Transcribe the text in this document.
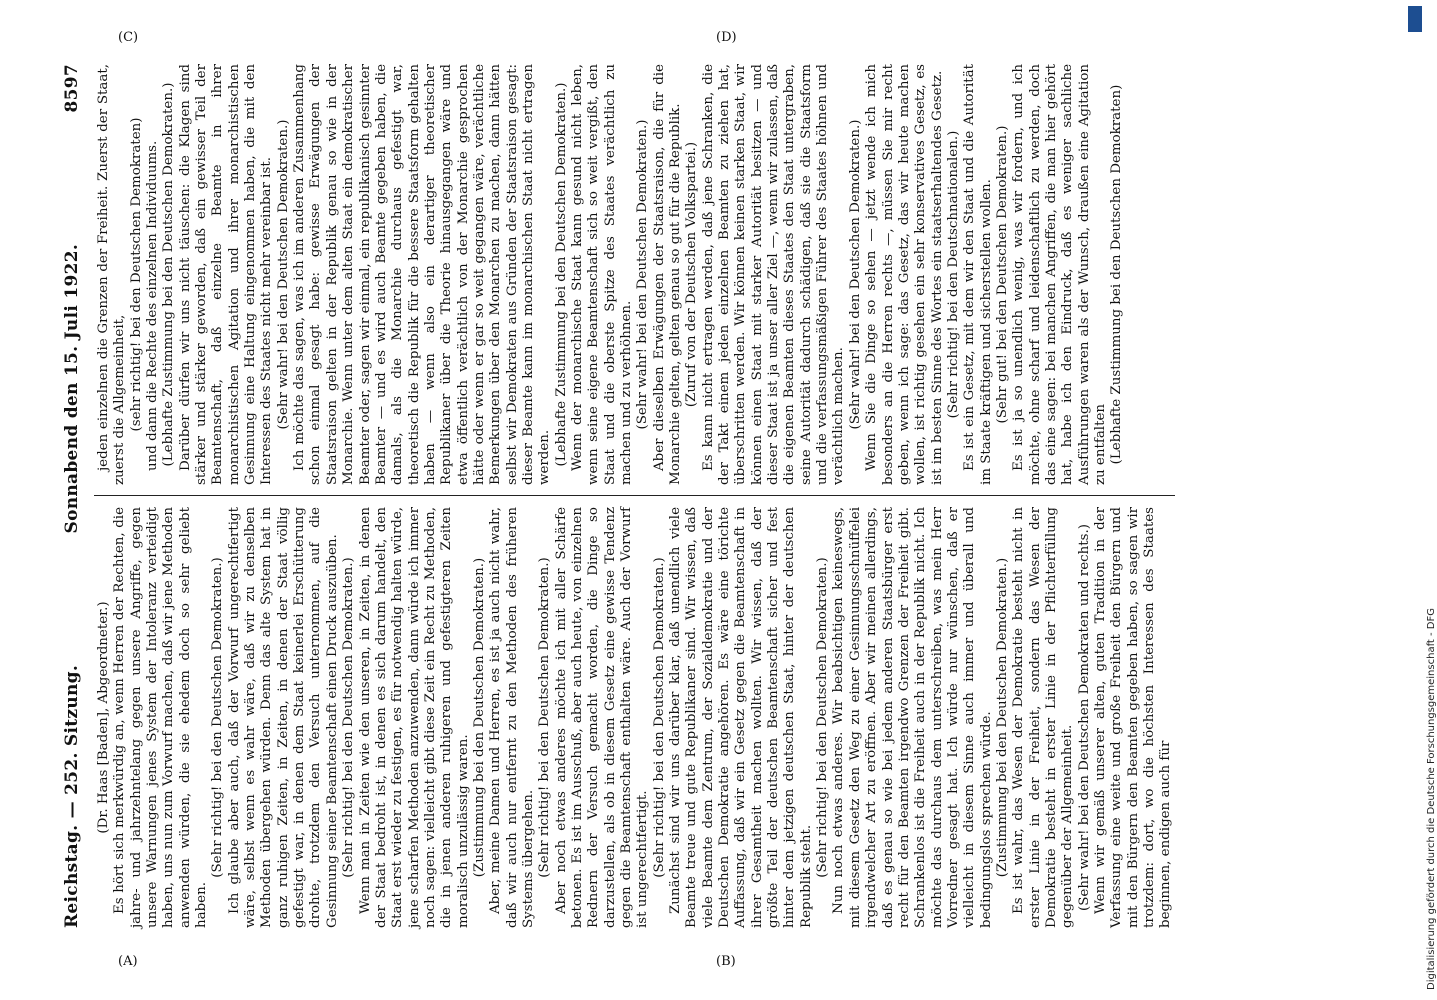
Reichstag. — 252. Sitzung.
Sonnabend den 15. Juli 1922.
8597

(Dr. Haas [Baden], Abgeordneter.) Es hört sich merkwürdig an, wenn Herren der Rechten, die jahre- und jahrzehntelang gegen unsere Angriffe, gegen unsere Warnungen jenes System der Intoleranz verteidigt haben, uns nun zum Vorwurf machen, daß wir jene Methoden anwenden würden, die sie ehedem doch so sehr geliebt haben.

(Sehr richtig! bei den Deutschen Demokraten.) Ich glaube aber auch, daß der Vorwurf ungerechtfertigt wäre, selbst wenn es wahr wäre, daß wir zu denselben Methoden übergehen würden. Denn das alte System hat in ganz ruhigen Zeiten, in Zeiten, in denen der Staat völlig gefestigt war, in denen dem Staat keinerlei Erschütterung drohte, trotzdem den Versuch unternommen, auf die Gesinnung seiner Beamtenschaft einen Druck auszuüben. (Sehr richtig! bei den Deutschen Demokraten.) Wenn man in Zeiten wie den unseren, in Zeiten, in denen der Staat bedroht ist, in denen es sich darum handelt, den Staat erst wieder zu festigen, es für notwendig halten würde, jene scharfen Methoden anzuwenden, dann würde ich immer noch sagen: vielleicht gibt diese Zeit ein Recht zu Methoden, die in jenen anderen ruhigeren und gefestigteren Zeiten moralisch unzulässig waren. (Zustimmung bei den Deutschen Demokraten.) Aber, meine Damen und Herren, es ist ja auch nicht wahr, daß wir auch nur entfernt zu den Methoden des früheren Systems übergehen. (Sehr richtig! bei den Deutschen Demokraten.) Aber noch etwas anderes möchte ich mit aller Schärfe betonen. Es ist im Ausschuß, aber auch heute, von einzelnen Rednern der Versuch gemacht worden, die Dinge so darzustellen, als ob in diesem Gesetz eine gewisse Tendenz gegen die Beamtenschaft enthalten wäre. Auch der Vorwurf ist ungerechtfertigt. (Sehr richtig! bei den Deutschen Demokraten.) Zunächst sind wir uns darüber klar, daß unendlich viele Beamte treue und gute Republikaner sind. Wir wissen, daß viele Beamte dem Zentrum, der Sozialdemokratie und der Deutschen Demokratie angehören. Es wäre eine törichte Auffassung, daß wir ein Gesetz gegen die Beamtenschaft in ihrer Gesamtheit machen wollten. Wir wissen, daß der größte Teil der deutschen Beamtenschaft sicher und fest hinter dem jetzigen deutschen Staat, hinter der deutschen Republik steht. (Sehr richtig! bei den Deutschen Demokraten.) Nun noch etwas anderes. Wir beabsichtigen keineswegs, mit diesem Gesetz den Weg zu einer Gesinnungsschnüffelei irgendwelcher Art zu eröffnen. Aber wir meinen allerdings, daß es genau so wie bei jedem anderen Staatsbürger erst recht für den Beamten irgendwo Grenzen der Freiheit gibt. Schrankenlos ist die Freiheit auch in der Republik nicht. Ich möchte das durchaus dem unterschreiben, was mein Herr Vorredner gesagt hat. Ich würde nur wünschen, daß er vielleicht in diesem Sinne auch immer und überall und bedingungslos sprechen würde. (Zustimmung bei den Deutschen Demokraten.) Es ist wahr, das Wesen der Demokratie besteht nicht in erster Linie in der Freiheit, sondern das Wesen der Demokratie besteht in erster Linie in der Pflichterfüllung gegenüber der Allgemeinheit. (Sehr wahr! bei den Deutschen Demokraten und rechts.) Wenn wir gemäß unserer alten, guten Tradition in der Verfassung eine weite und große Freiheit den Bürgern und mit den Bürgern den Beamten gegeben haben, so sagen wir trotzdem: dort, wo die höchsten Interessen des Staates beginnen, endigen auch für

jeden einzelnen die Grenzen der Freiheit. Zuerst der Staat, zuerst die Allgemeinheit, (sehr richtig! bei den Deutschen Demokraten) und dann die Rechte des einzelnen Individuums. (Lebhafte Zustimmung bei den Deutschen Demokraten.) Darüber dürfen wir uns nicht täuschen: die Klagen sind stärker und stärker geworden, daß ein gewisser Teil der Beamtenschaft, daß einzelne Beamte in ihrer monarchistischen Agitation und ihrer monarchistischen Gesinnung eine Haltung eingenommen haben, die mit den Interessen des Staates nicht mehr vereinbar ist. (Sehr wahr! bei den Deutschen Demokraten.) Ich möchte das sagen, was ich im anderen Zusammenhang schon einmal gesagt habe: gewisse Erwägungen der Staatsraison gelten in der Republik genau so wie in der Monarchie. Wenn unter dem alten Staat ein demokratischer Beamter oder, sagen wir einmal, ein republikanisch gesinnter Beamter — und es wird auch Beamte gegeben haben, die damals, als die Monarchie durchaus gefestigt war, theoretisch die Republik für die bessere Staatsform gehalten haben — wenn also ein derartiger theoretischer Republikaner über die Theorie hinausgegangen wäre und etwa öffentlich verächtlich von der Monarchie gesprochen hätte oder wenn er gar so weit gegangen wäre, verächtliche Bemerkungen über den Monarchen zu machen, dann hätten selbst wir Demokraten aus Gründen der Staatsraison gesagt: dieser Beamte kann im monarchischen Staat nicht ertragen werden. (Lebhafte Zustimmung bei den Deutschen Demokraten.) Wenn der monarchische Staat kann gesund nicht leben, wenn seine eigene Beamtenschaft sich so weit vergißt, den Staat und die oberste Spitze des Staates verächtlich zu machen und zu verhöhnen. (Sehr wahr! bei den Deutschen Demokraten.) Aber dieselben Erwägungen der Staatsraison, die für die Monarchie gelten, gelten genau so gut für die Republik. (Zuruf von der Deutschen Volkspartei.) Es kann nicht ertragen werden, daß jene Schranken, die der Takt einem jeden einzelnen Beamten zu ziehen hat, überschritten werden. Wir können keinen starken Staat, wir können einen Staat mit starker Autorität besitzen — und dieser Staat ist ja unser aller Ziel —, wenn wir zulassen, daß die eigenen Beamten dieses Staates den Staat untergraben, seine Autorität dadurch schädigen, daß sie die Staatsform und die verfassungsmäßigen Führer des Staates höhnen und verächtlich machen. (Sehr wahr! bei den Deutschen Demokraten.) Wenn Sie die Dinge so sehen — jetzt wende ich mich besonders an die Herren rechts —, müssen Sie mir recht geben, wenn ich sage: das Gesetz, das wir heute machen wollen, ist richtig gesehen ein sehr konservatives Gesetz, es ist im besten Sinne des Wortes ein staatserhaltendes Gesetz. (Sehr richtig! bei den Deutschnationalen.) Es ist ein Gesetz, mit dem wir den Staat und die Autorität im Staate kräftigen und sicherstellen wollen. (Sehr gut! bei den Deutschen Demokraten.) Es ist ja so unendlich wenig, was wir fordern, und ich möchte, ohne scharf und leidenschaftlich zu werden, doch das eine sagen: bei manchen Angriffen, die man hier gehört hat, habe ich den Eindruck, daß es weniger sachliche Ausführungen waren als der Wunsch, draußen eine Agitation zu entfalten (Lebhafte Zustimmung bei den Deutschen Demokraten)

(A)	(B)
(C)	(D)
Digitalisierung gefördert durch die Deutsche Forschungsgemeinschaft - DFG
